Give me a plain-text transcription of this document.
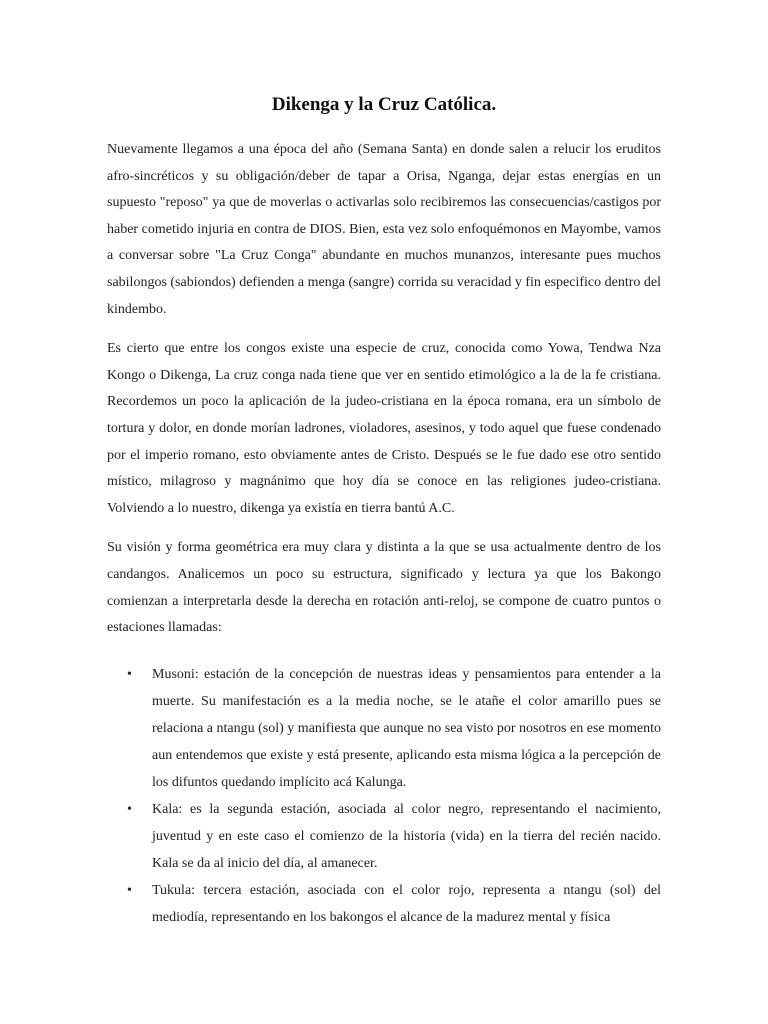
Dikenga y la Cruz Católica.

Nuevamente llegamos a una época del año (Semana Santa) en donde salen a relucir los eruditos afro-sincréticos y su obligación/deber de tapar a Orisa, Nganga, dejar estas energías en un supuesto "reposo" ya que de moverlas o activarlas solo recibiremos las consecuencias/castigos por haber cometido injuria en contra de DIOS. Bien, esta vez solo enfoquémonos en Mayombe, vamos a conversar sobre "La Cruz Conga" abundante en muchos munanzos, interesante pues muchos sabilongos (sabiondos) defienden a menga (sangre) corrida su veracidad y fin especifico dentro del kindembo.

Es cierto que entre los congos existe una especie de cruz, conocida como Yowa, Tendwa Nza Kongo o Dikenga, La cruz conga nada tiene que ver en sentido etimológico a la de la fe cristiana. Recordemos un poco la aplicación de la judeo-cristiana en la época romana, era un símbolo de tortura y dolor, en donde morían ladrones, violadores, asesinos, y todo aquel que fuese condenado por el imperio romano, esto obviamente antes de Cristo. Después se le fue dado ese otro sentido místico, milagroso y magnánimo que hoy día se conoce en las religiones judeo-cristiana. Volviendo a lo nuestro, dikenga ya existía en tierra bantú A.C.

Su visión y forma geométrica era muy clara y distinta a la que se usa actualmente dentro de los candangos. Analicemos un poco su estructura, significado y lectura ya que los Bakongo comienzan a interpretarla desde la derecha en rotación anti-reloj, se compone de cuatro puntos o estaciones llamadas:

• Musoni: estación de la concepción de nuestras ideas y pensamientos para entender a la muerte. Su manifestación es a la media noche, se le atañe el color amarillo pues se relaciona a ntangu (sol) y manifiesta que aunque no sea visto por nosotros en ese momento aun entendemos que existe y está presente, aplicando esta misma lógica a la percepción de los difuntos quedando implícito acá Kalunga.
• Kala: es la segunda estación, asociada al color negro, representando el nacimiento, juventud y en este caso el comienzo de la historia (vida) en la tierra del recién nacido. Kala se da al inicio del día, al amanecer.
• Tukula: tercera estación, asociada con el color rojo, representa a ntangu (sol) del mediodía, representando en los bakongos el alcance de la madurez mental y física
